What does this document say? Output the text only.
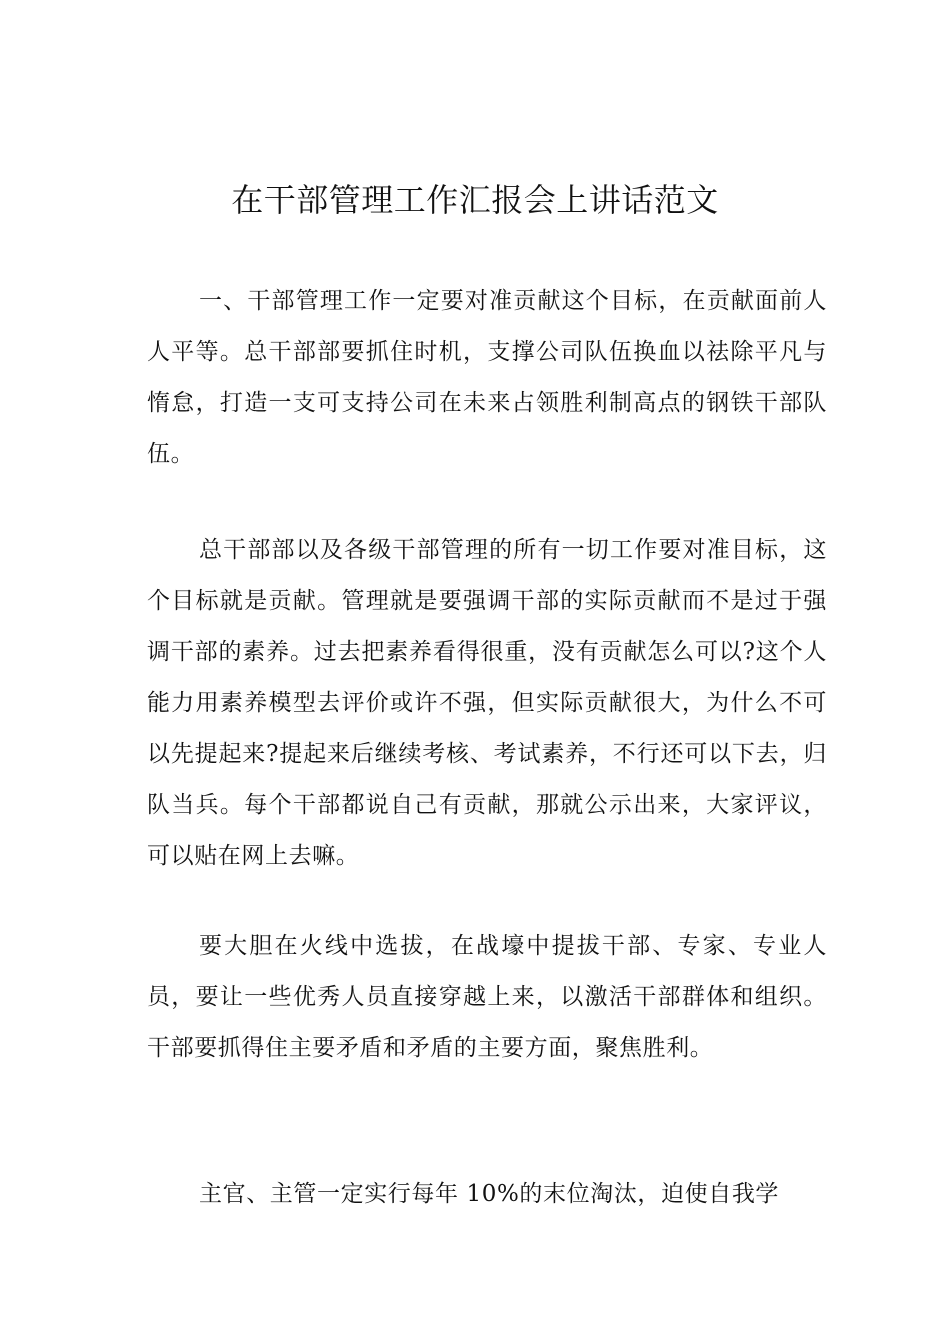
在干部管理工作汇报会上讲话范文

一、干部管理工作一定要对准贡献这个目标，在贡献面前人人平等。总干部部要抓住时机，支撑公司队伍换血以祛除平凡与惰怠，打造一支可支持公司在未来占领胜利制高点的钢铁干部队伍。

总干部部以及各级干部管理的所有一切工作要对准目标，这个目标就是贡献。管理就是要强调干部的实际贡献而不是过于强调干部的素养。过去把素养看得很重，没有贡献怎么可以?这个人能力用素养模型去评价或许不强，但实际贡献很大，为什么不可以先提起来?提起来后继续考核、考试素养，不行还可以下去，归队当兵。每个干部都说自己有贡献，那就公示出来，大家评议，可以贴在网上去嘛。

要大胆在火线中选拔，在战壕中提拔干部、专家、专业人员，要让一些优秀人员直接穿越上来，以激活干部群体和组织。干部要抓得住主要矛盾和矛盾的主要方面，聚焦胜利。

主官、主管一定实行每年 10%的末位淘汰，迫使自我学
